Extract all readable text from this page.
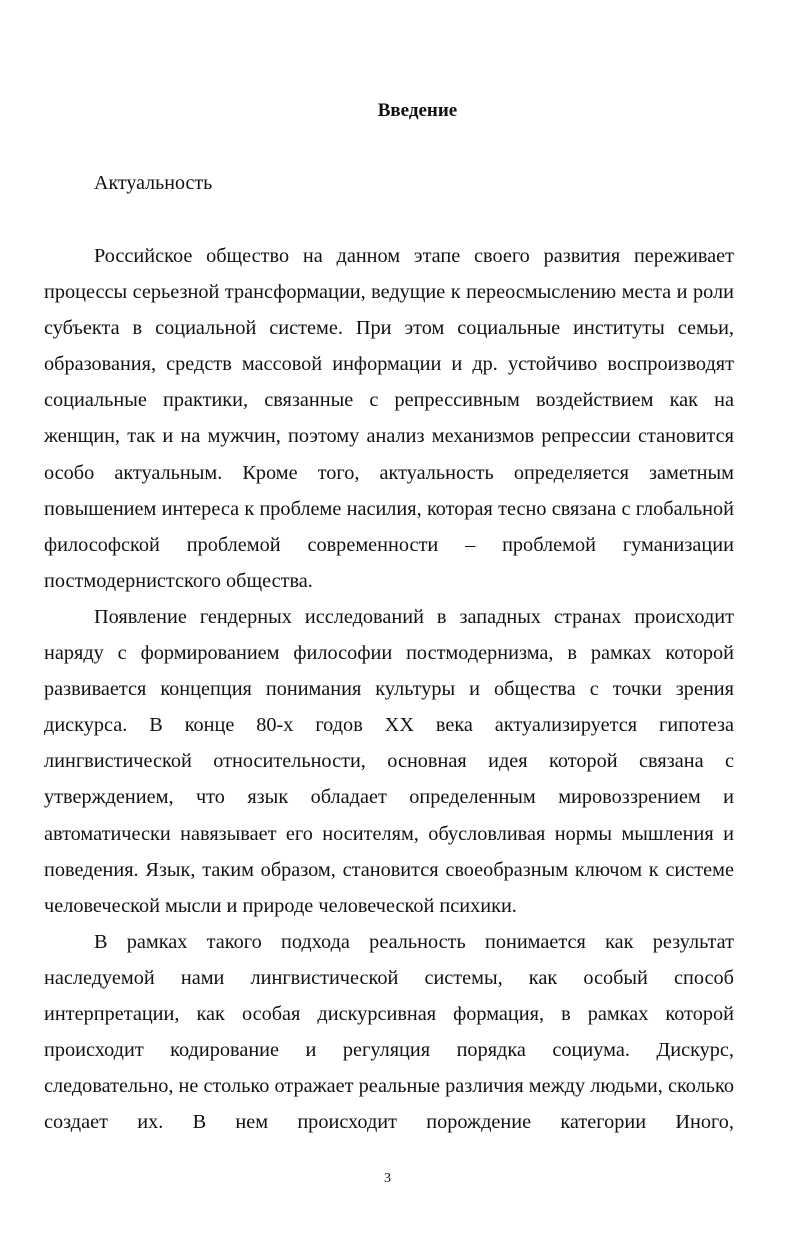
Введение
Актуальность

Российское общество на данном этапе своего развития переживает процессы серьезной трансформации, ведущие к переосмыслению места и роли субъекта в социальной системе. При этом социальные институты семьи, образования, средств массовой информации и др. устойчиво воспроизводят социальные практики, связанные с репрессивным воздействием как на женщин, так и на мужчин, поэтому анализ механизмов репрессии становится особо актуальным. Кроме того, актуальность определяется заметным повышением интереса к проблеме насилия, которая тесно связана с глобальной философской проблемой современности – проблемой гуманизации постмодернистского общества.

Появление гендерных исследований в западных странах происходит наряду с формированием философии постмодернизма, в рамках которой развивается концепция понимания культуры и общества с точки зрения дискурса. В конце 80-х годов XX века актуализируется гипотеза лингвистической относительности, основная идея которой связана с утверждением, что язык обладает определенным мировоззрением и автоматически навязывает его носителям, обусловливая нормы мышления и поведения. Язык, таким образом, становится своеобразным ключом к системе человеческой мысли и природе человеческой психики.

В рамках такого подхода реальность понимается как результат наследуемой нами лингвистической системы, как особый способ интерпретации, как особая дискурсивная формация, в рамках которой происходит кодирование и регуляция порядка социума. Дискурс, следовательно, не столько отражает реальные различия между людьми, сколько создает их. В нем происходит порождение категории Иного,

3
